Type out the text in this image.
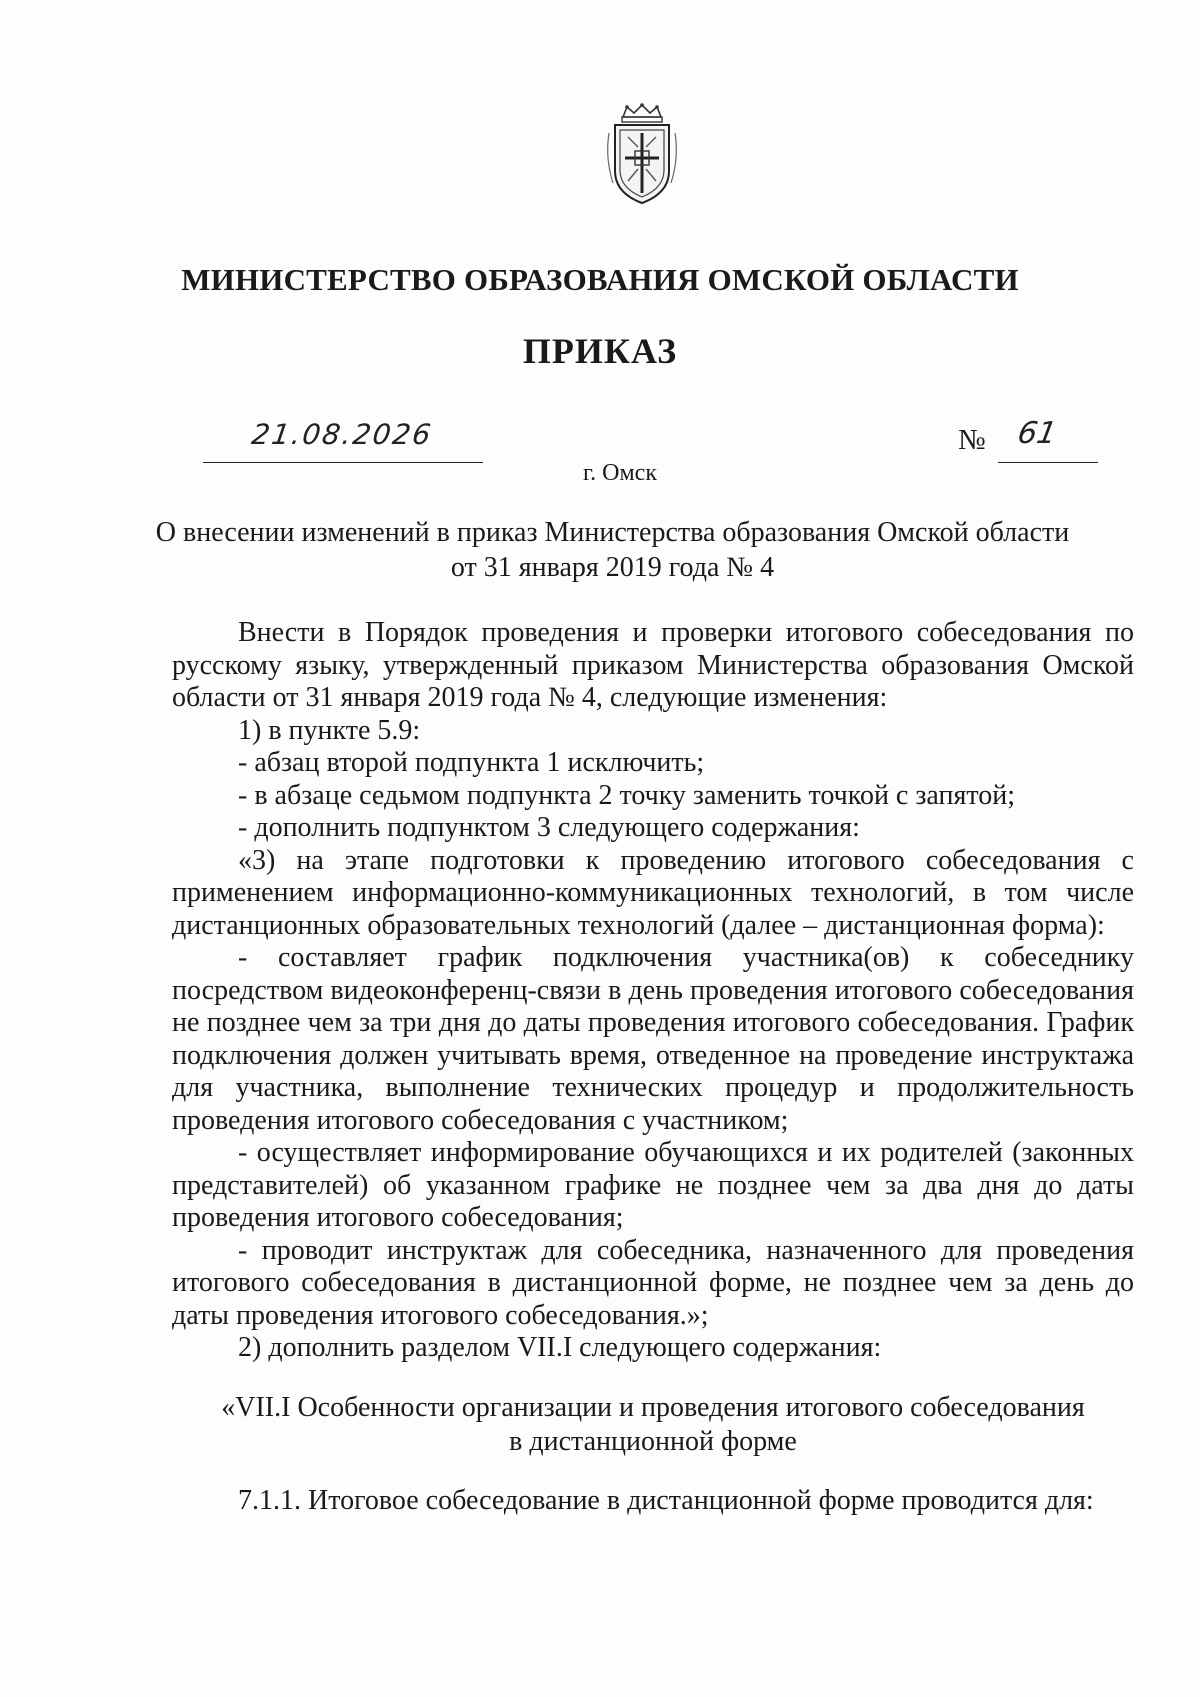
МИНИСТЕРСТВО ОБРАЗОВАНИЯ ОМСКОЙ ОБЛАСТИ
ПРИКАЗ
21.08.2026	№ 61
г. Омск
О внесении изменений в приказ Министерства образования Омской области
от 31 января 2019 года № 4

Внести в Порядок проведения и проверки итогового собеседования по русскому языку, утвержденный приказом Министерства образования Омской области от 31 января 2019 года № 4, следующие изменения:

1) в пункте 5.9:

- абзац второй подпункта 1 исключить;

- в абзаце седьмом подпункта 2 точку заменить точкой с запятой;

- дополнить подпунктом 3 следующего содержания:

«3) на этапе подготовки к проведению итогового собеседования с применением информационно-коммуникационных технологий, в том числе дистанционных образовательных технологий (далее – дистанционная форма):

- составляет график подключения участника(ов) к собеседнику посредством видеоконференц-связи в день проведения итогового собеседования не позднее чем за три дня до даты проведения итогового собеседования. График подключения должен учитывать время, отведенное на проведение инструктажа для участника, выполнение технических процедур и продолжительность проведения итогового собеседования с участником;

- осуществляет информирование обучающихся и их родителей (законных представителей) об указанном графике не позднее чем за два дня до даты проведения итогового собеседования;

- проводит инструктаж для собеседника, назначенного для проведения итогового собеседования в дистанционной форме, не позднее чем за день до даты проведения итогового собеседования.»;

2) дополнить разделом VII.I следующего содержания:

«VII.I Особенности организации и проведения итогового собеседования
в дистанционной форме

7.1.1. Итоговое собеседование в дистанционной форме проводится для:
